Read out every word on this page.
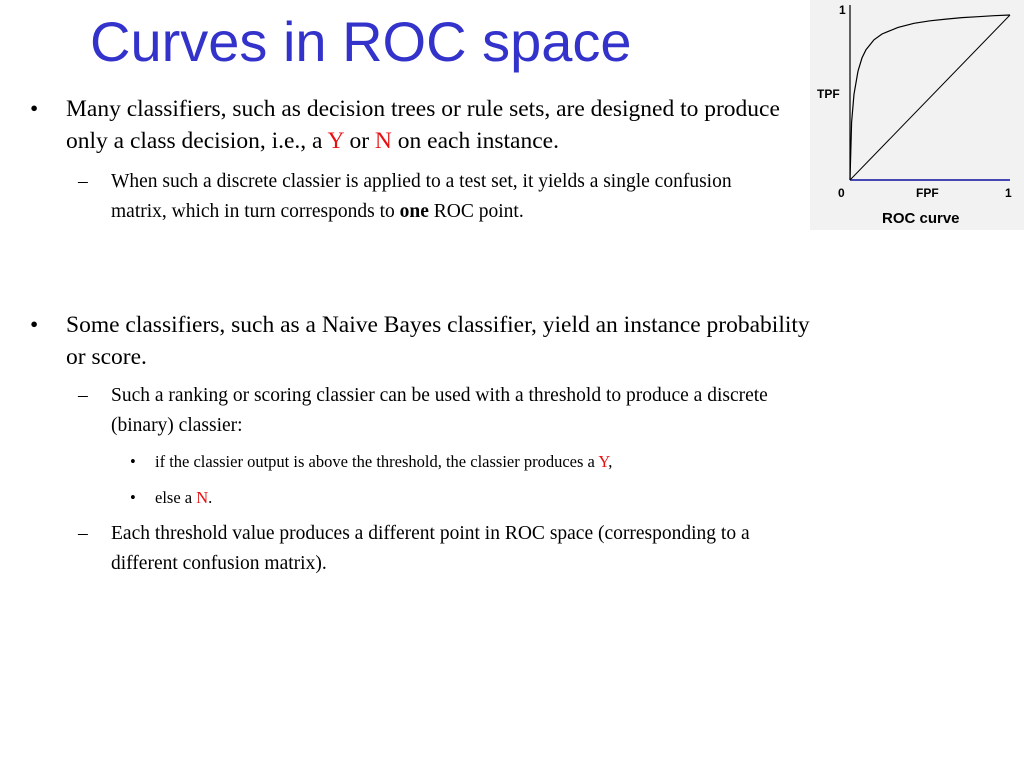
Curves in ROC space
• Many classifiers, such as decision trees or rule sets, are designed to produce only a class decision, i.e., a Y or N on each instance.
– When such a discrete classier is applied to a test set, it yields a single confusion matrix, which in turn corresponds to one ROC point.
• Some classifiers, such as a Naive Bayes classifier, yield an instance probability or score.
– Such a ranking or scoring classier can be used with a threshold to produce a discrete (binary) classier:
• if the classier output is above the threshold, the classier produces a Y,
• else a N.
– Each threshold value produces a different point in ROC space (corresponding to a different confusion matrix).
1
TPF
0	FPF	1
ROC curve
